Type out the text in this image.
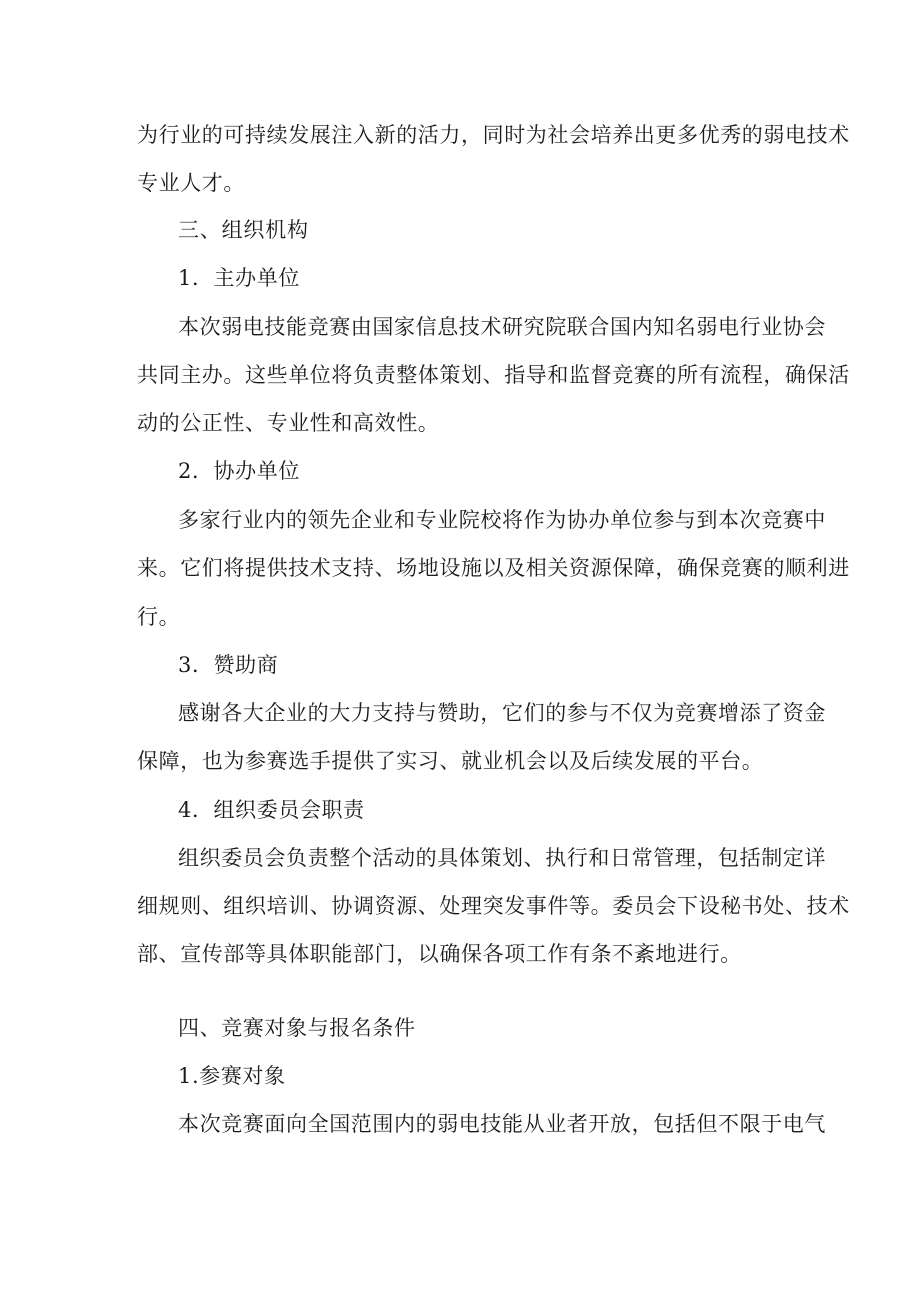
为行业的可持续发展注入新的活力，同时为社会培养出更多优秀的弱电技术
专业人才。
三、组织机构
1．主办单位
本次弱电技能竞赛由国家信息技术研究院联合国内知名弱电行业协会
共同主办。这些单位将负责整体策划、指导和监督竞赛的所有流程，确保活
动的公正性、专业性和高效性。
2．协办单位
多家行业内的领先企业和专业院校将作为协办单位参与到本次竞赛中
来。它们将提供技术支持、场地设施以及相关资源保障，确保竞赛的顺利进
行。
3．赞助商
感谢各大企业的大力支持与赞助，它们的参与不仅为竞赛增添了资金
保障，也为参赛选手提供了实习、就业机会以及后续发展的平台。
4．组织委员会职责
组织委员会负责整个活动的具体策划、执行和日常管理，包括制定详
细规则、组织培训、协调资源、处理突发事件等。委员会下设秘书处、技术
部、宣传部等具体职能部门，以确保各项工作有条不紊地进行。
四、竞赛对象与报名条件
1.参赛对象
本次竞赛面向全国范围内的弱电技能从业者开放，包括但不限于电气
